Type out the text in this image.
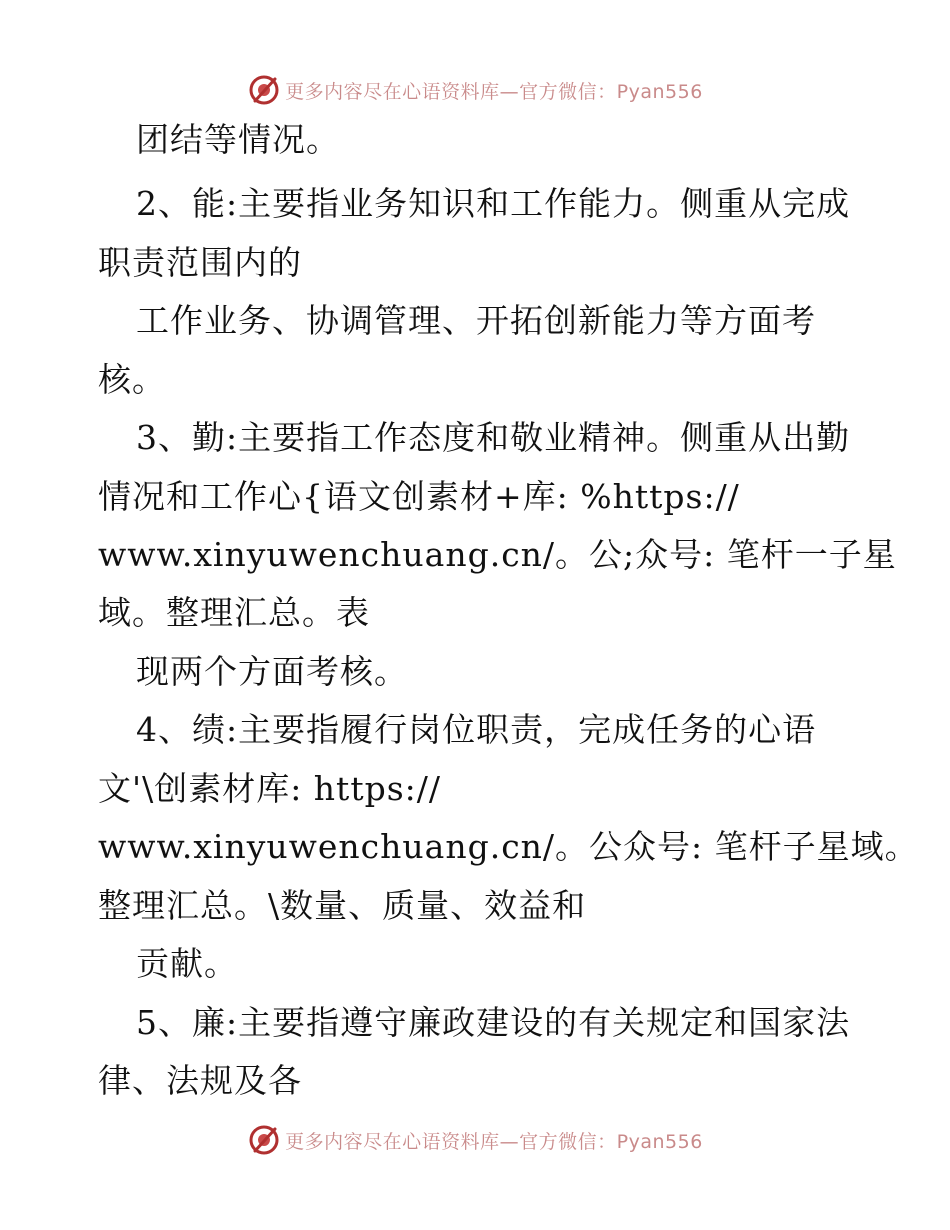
更多内容尽在心语资料库—官方微信：Pyan556
团结等情况。
2、能:主要指业务知识和工作能力。侧重从完成
职责范围内的
工作业务、协调管理、开拓创新能力等方面考
核。
3、勤:主要指工作态度和敬业精神。侧重从出勤
情况和工作心{语文创素材+库: %https://
www.xinyuwenchuang.cn/。公;众号: 笔杆一子星
域。整理汇总。表
现两个方面考核。
4、绩:主要指履行岗位职责，完成任务的心语
文'\创素材库: https://
www.xinyuwenchuang.cn/。公众号: 笔杆子星域。
整理汇总。\数量、质量、效益和
贡献。
5、廉:主要指遵守廉政建设的有关规定和国家法
律、法规及各
更多内容尽在心语资料库—官方微信：Pyan556
